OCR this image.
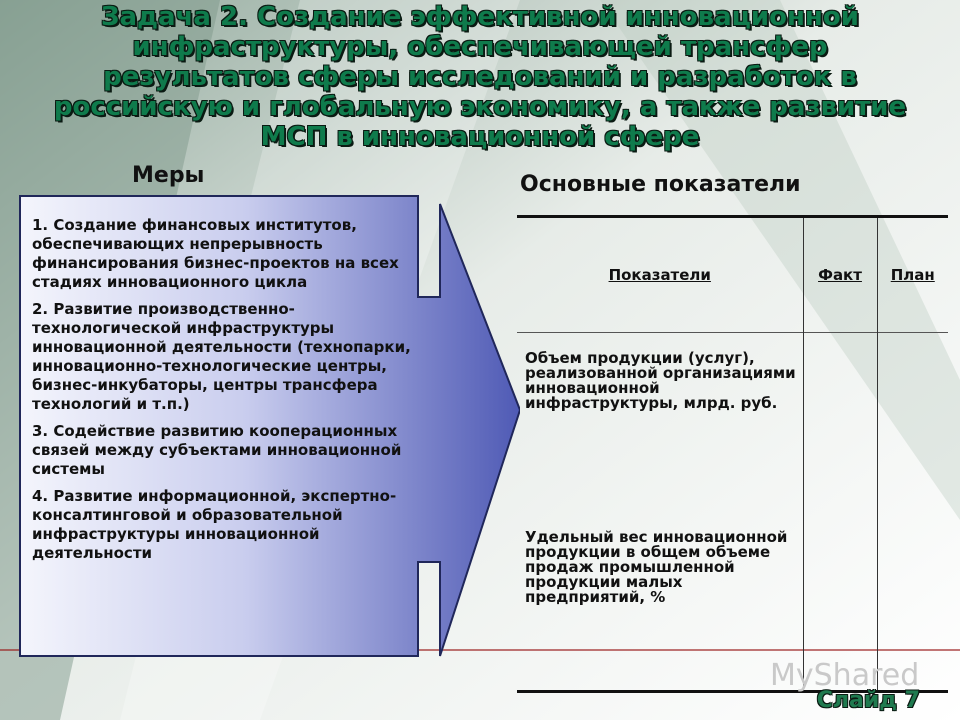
Задача 2. Создание эффективной инновационной инфраструктуры, обеспечивающей трансфер результатов сферы исследований и разработок в российскую и глобальную экономику, а также развитие МСП в инновационной сфере
Меры	Основные показатели

1. Создание финансовых институтов, обеспечивающих непрерывность финансирования бизнес-проектов на всех стадиях инновационного цикла

2. Развитие производственно-технологической инфраструктуры инновационной деятельности (технопарки, инновационно-технологические центры, бизнес-инкубаторы, центры трансфера технологий и т.п.)

3. Содействие развитию кооперационных связей между субъектами инновационной системы

4. Развитие информационной, экспертно-консалтинговой и образовательной инфраструктуры инновационной деятельности

Показатели	Факт	План
Объем продукции (услуг), реализованной организациями инновационной инфраструктуры, млрд. руб.		
Удельный вес инновационной продукции в общем объеме продаж промышленной продукции малых предприятий, %		
MyShared
Слайд 7
